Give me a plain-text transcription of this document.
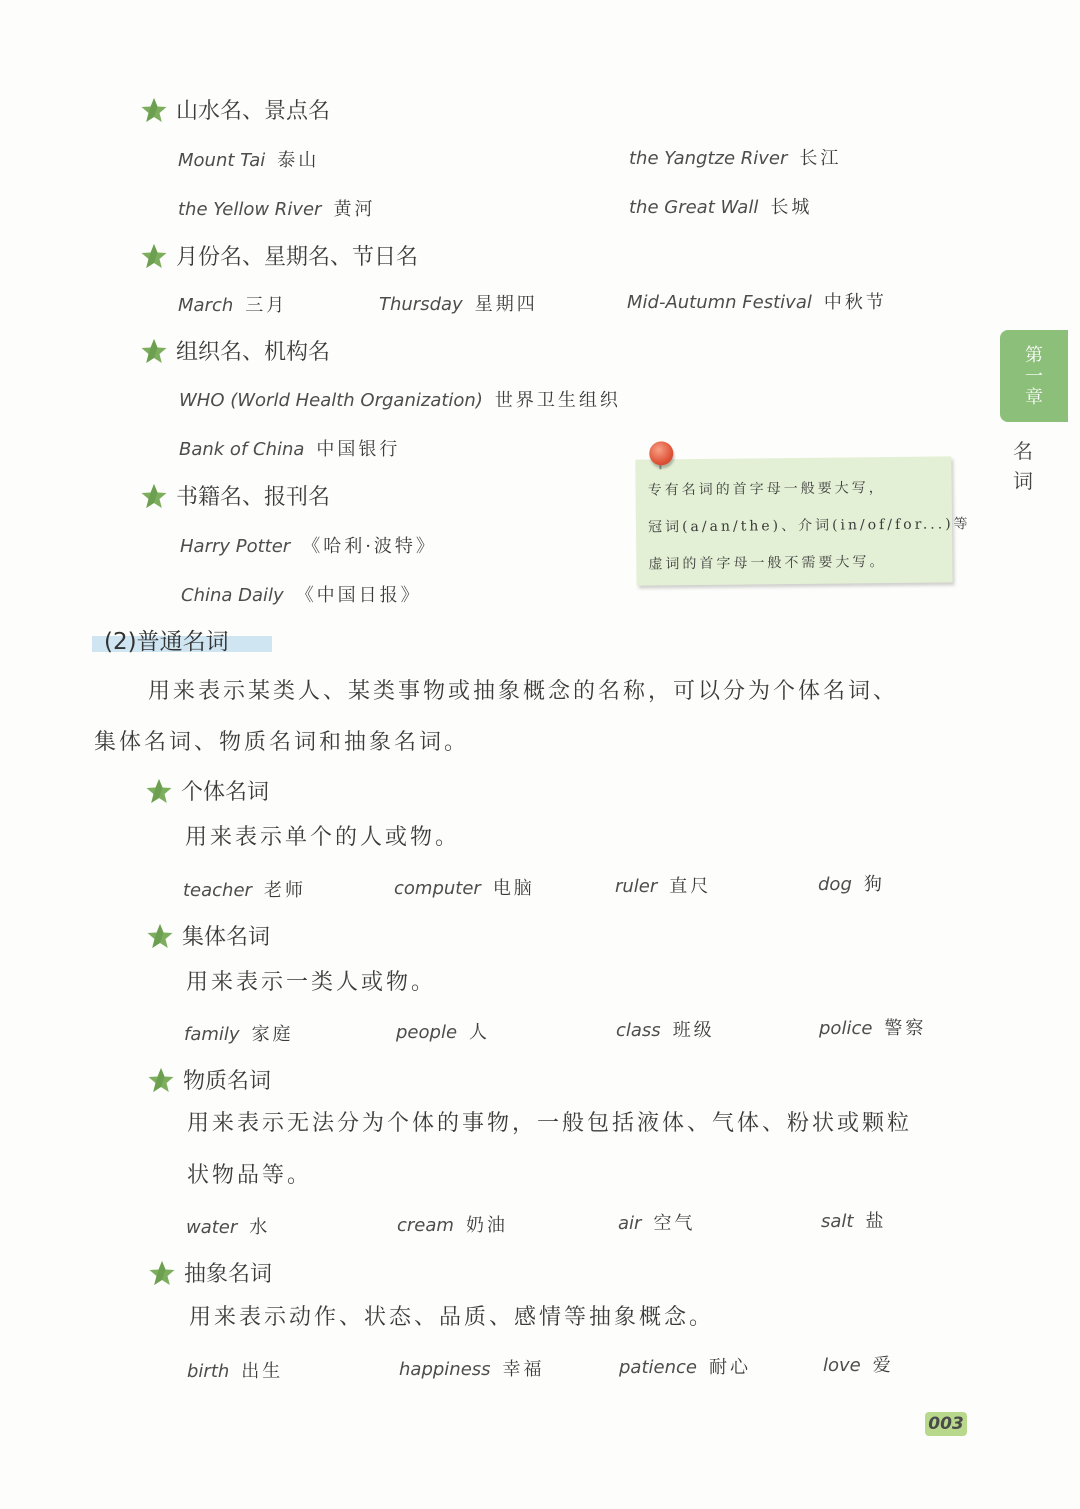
山水名、景点名
Mount Tai 泰山	the Yangtze River 长江
the Yellow River 黄河	the Great Wall 长城
月份名、星期名、节日名
March 三月	Thursday 星期四	Mid-Autumn Festival 中秋节
组织名、机构名
WHO (World Health Organization) 世界卫生组织
Bank of China 中国银行
书籍名、报刊名
Harry Potter 《哈利·波特》
China Daily 《中国日报》
专有名词的首字母一般要大写，
冠词(a/an/the)、介词(in/of/for...)等
虚词的首字母一般不需要大写。
第
一
章
名
词
(2)普通名词
用来表示某类人、某类事物或抽象概念的名称，可以分为个体名词、
集体名词、物质名词和抽象名词。
个体名词
用来表示单个的人或物。
teacher 老师	computer 电脑	ruler 直尺	dog 狗
集体名词
用来表示一类人或物。
family 家庭	people 人	class 班级	police 警察
物质名词
用来表示无法分为个体的事物，一般包括液体、气体、粉状或颗粒
状物品等。
water 水	cream 奶油	air 空气	salt 盐
抽象名词
用来表示动作、状态、品质、感情等抽象概念。
birth 出生	happiness 幸福	patience 耐心	love 爱
003
